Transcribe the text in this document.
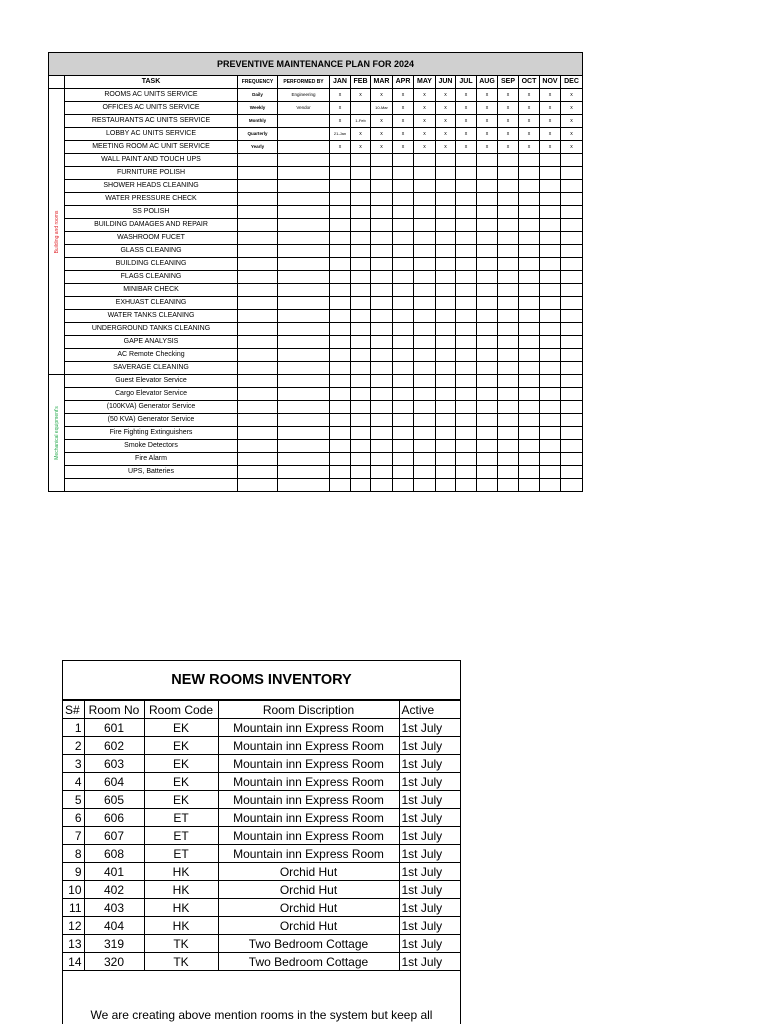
PREVENTIVE MAINTENANCE PLAN FOR 2024															
	TASK	FREQUENCY	PERFORMED BY	JAN	FEB	MAR	APR	MAY	JUN	JUL	AUG	SEP	OCT	NOV	DEC

Building and rooms	ROOMS AC UNITS SERVICE	Daily	Engineering	x	x	x	x	x	x	x	x	x	x	x	x
	OFFICES AC UNITS SERVICE	Weekly	Vendor	x		10-Mar	x	x	x	x	x	x	x	x	x
	RESTAURANTS AC UNITS SERVICE	Monthly		x	1-Feb	x	x	x	x	x	x	x	x	x	x
	LOBBY AC UNITS SERVICE	Quarterly		21-Jan	x	x	x	x	x	x	x	x	x	x	x
	MEETING ROOM AC UNIT SERVICE	Yearly		x	x	x	x	x	x	x	x	x	x	x	x
	WALL PAINT AND TOUCH UPS														
	FURNITURE POLISH														
	SHOWER HEADS CLEANING														
	WATER PRESSURE CHECK														
	SS POLISH														
	BUILDING DAMAGES AND REPAIR														
	WASHROOM FUCET														
	GLASS CLEANING														
	BUILDING CLEANING														
	FLAGS CLEANING														
	MINIBAR CHECK														
	EXHUAST CLEANING														
	WATER TANKS CLEANING														
	UNDERGROUND TANKS CLEANING														
	GAPE ANALYSIS														
	AC Remote Checking														
	SAVERAGE CLEANING														

Mechanical equipment's	Guest Elevator Service														
	Cargo Elevator Service														
	(100KVA) Generator Service														
	(50 KVA) Generator Service														
	Fire Fighting Extinguishers														
	Smoke Detectors														
	Fire Alarm														
	UPS, Batteries														

NEW ROOMS INVENTORY
S#	Room No	Room Code	Room Discription	Active
1	601	EK	Mountain inn Express Room	1st July
2	602	EK	Mountain inn Express Room	1st July
3	603	EK	Mountain inn Express Room	1st July
4	604	EK	Mountain inn Express Room	1st July
5	605	EK	Mountain inn Express Room	1st July
6	606	ET	Mountain inn Express Room	1st July
7	607	ET	Mountain inn Express Room	1st July
8	608	ET	Mountain inn Express Room	1st July
9	401	HK	Orchid Hut	1st July
10	402	HK	Orchid Hut	1st July
11	403	HK	Orchid Hut	1st July
12	404	HK	Orchid Hut	1st July
13	319	TK	Two Bedroom Cottage	1st July
14	320	TK	Two Bedroom Cottage	1st July
We are creating above mention rooms in the system but keep all
